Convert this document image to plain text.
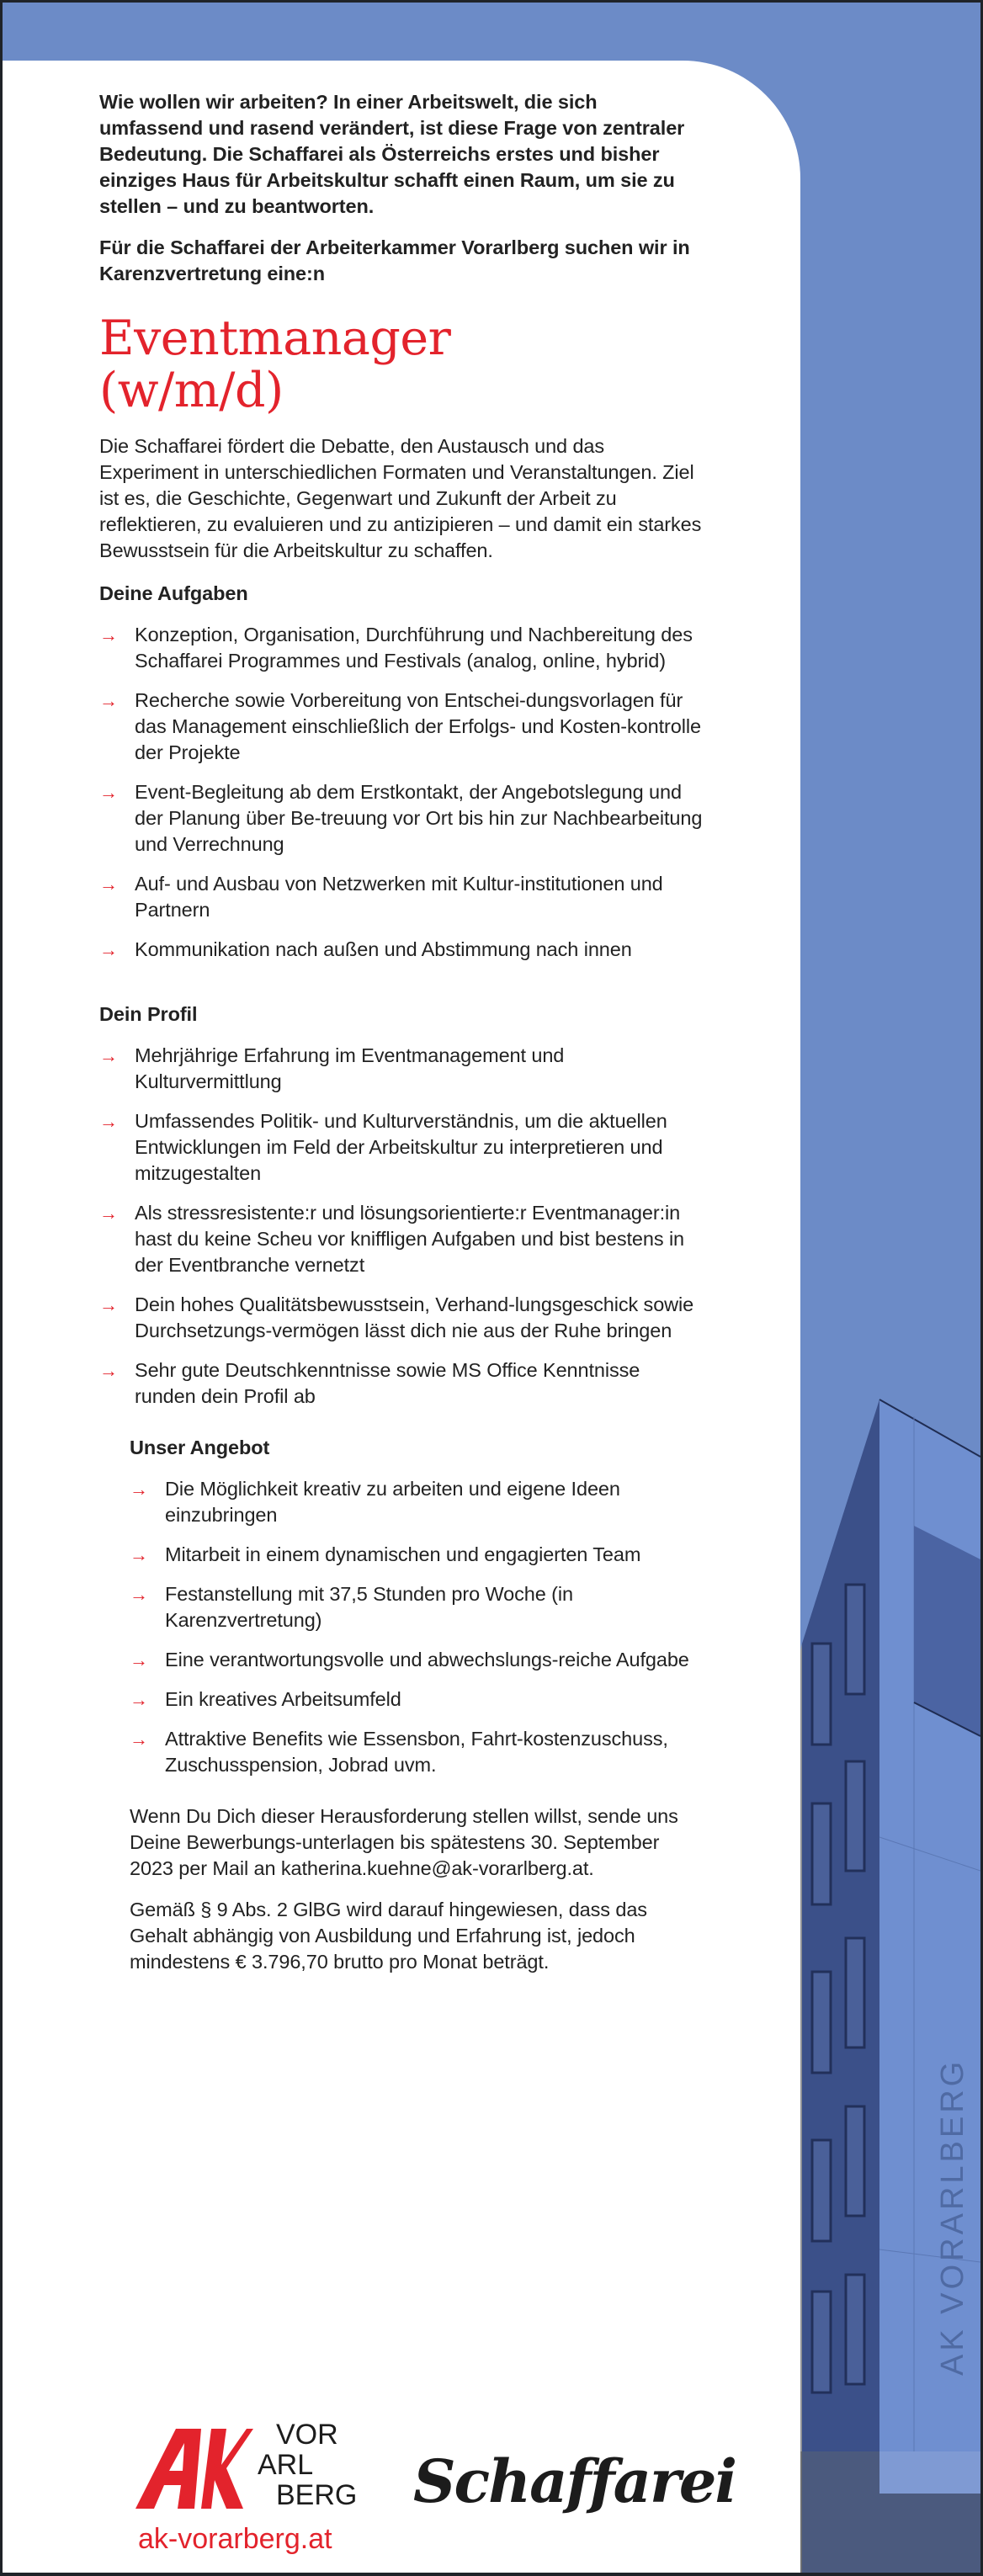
AK VORARLBERG

Wie wollen wir arbeiten? In einer Arbeitswelt, die sich umfassend und rasend verändert, ist diese Frage von zentraler Bedeutung. Die Schaffarei als Österreichs erstes und bisher einziges Haus für Arbeitskultur schafft einen Raum, um sie zu stellen – und zu beantworten.

Für die Schaffarei der Arbeiterkammer Vorarlberg suchen wir in Karenzvertretung eine:n

Eventmanager
(w/m/d)

Die Schaffarei fördert die Debatte, den Austausch und das Experiment in unterschiedlichen Formaten und Veranstaltungen. Ziel ist es, die Geschichte, Gegenwart und Zukunft der Arbeit zu reflektieren, zu evaluieren und zu antizipieren – und damit ein starkes Bewusstsein für die Arbeitskultur zu schaffen.

Deine Aufgaben
→ Konzeption, Organisation, Durchführung und Nachbereitung des Schaffarei Programmes und Festivals (analog, online, hybrid)
→ Recherche sowie Vorbereitung von Entschei-dungsvorlagen für das Management einschließlich der Erfolgs- und Kosten-kontrolle der Projekte
→ Event-Begleitung ab dem Erstkontakt, der Angebotslegung und der Planung über Be-treuung vor Ort bis hin zur Nachbearbeitung und Verrechnung
→ Auf- und Ausbau von Netzwerken mit Kultur-institutionen und Partnern
→ Kommunikation nach außen und Abstimmung nach innen
Dein Profil
→ Mehrjährige Erfahrung im Eventmanagement und Kulturvermittlung
→ Umfassendes Politik- und Kulturverständnis, um die aktuellen Entwicklungen im Feld der Arbeitskultur zu interpretieren und mitzugestalten
→ Als stressresistente:r und lösungsorientierte:r Eventmanager:in hast du keine Scheu vor kniffligen Aufgaben und bist bestens in der Eventbranche vernetzt
→ Dein hohes Qualitätsbewusstsein, Verhand-lungsgeschick sowie Durchsetzungs-vermögen lässt dich nie aus der Ruhe bringen
→ Sehr gute Deutschkenntnisse sowie MS Office Kenntnisse runden dein Profil ab
Unser Angebot
→ Die Möglichkeit kreativ zu arbeiten und eigene Ideen einzubringen
→ Mitarbeit in einem dynamischen und engagierten Team
→ Festanstellung mit 37,5 Stunden pro Woche (in Karenzvertretung)
→ Eine verantwortungsvolle und abwechslungs-reiche Aufgabe
→ Ein kreatives Arbeitsumfeld
→ Attraktive Benefits wie Essensbon, Fahrt-kostenzuschuss, Zuschusspension, Jobrad uvm.

Wenn Du Dich dieser Herausforderung stellen willst, sende uns Deine Bewerbungs-unterlagen bis spätestens 30. September 2023 per Mail an katherina.kuehne@ak-vorarlberg.at.

Gemäß § 9 Abs. 2 GlBG wird darauf hingewiesen, dass das Gehalt abhängig von Ausbildung und Erfahrung ist, jedoch mindestens € 3.796,70 brutto pro Monat beträgt.

VOR
ARL
BERG
ak-vorarberg.at
Schaffarei
